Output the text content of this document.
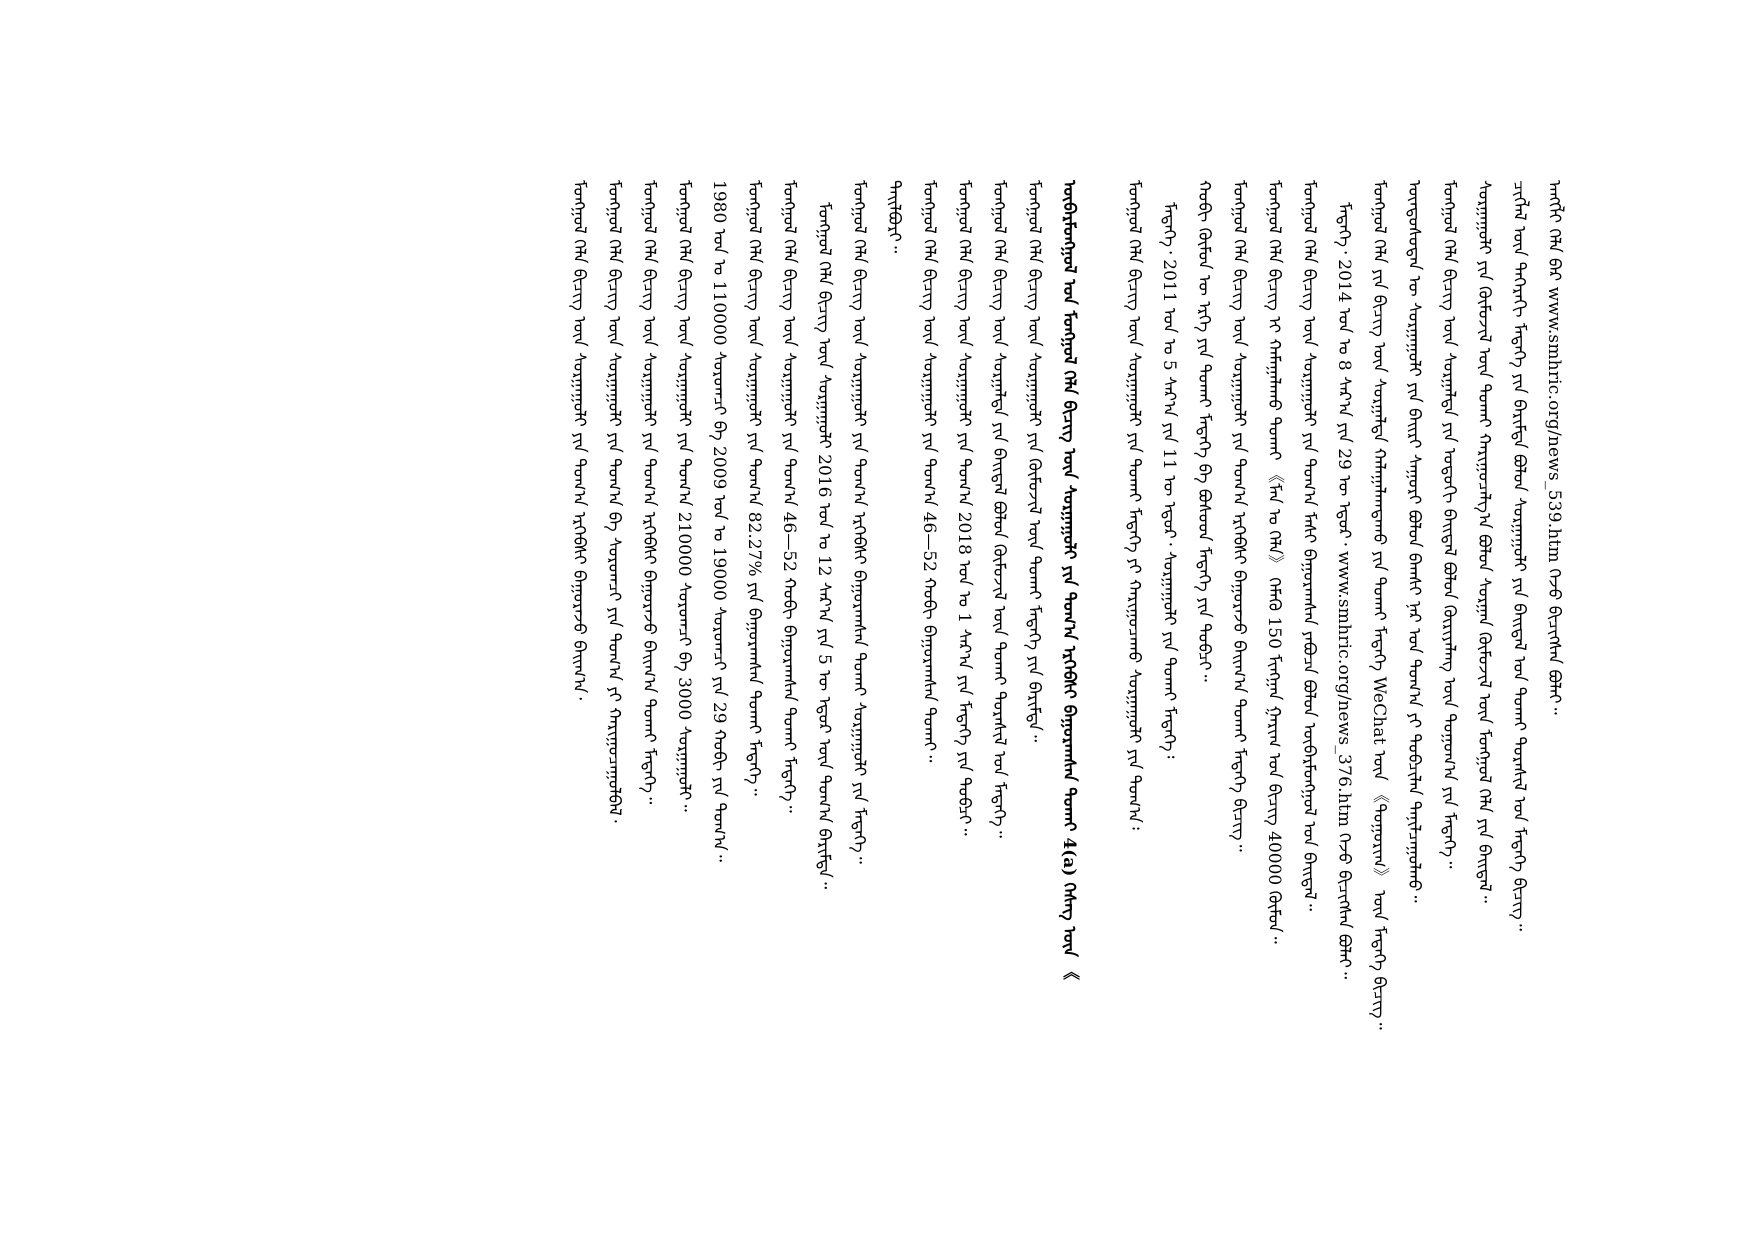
ᠠᠩᠭᠯᠢ ᠬᠡᠯᠡ ᠪᠡᠷ www.smhric.org/news_539.htm ᠭᠡᠵᠦ ᠪᠢᠴᠢᠭᠰᠡᠨ ᠪᠣᠯᠠᠢ᠃
ᠴᠢᠭᠯᠡᠯ ᠦᠨ ᠳᠡᠭᠡᠷᠡᠬᠢ ᠮᠡᠳᠡᠭᠡ ᠶᠢᠨ ᠪᠠᠷᠢᠮᠲᠠ ᠪᠣᠯᠤᠨ ᠰᠤᠷᠭᠠᠭᠤᠯᠢ ᠶᠢᠨ ᠪᠠᠢᠳᠠᠯ ᠤᠨ ᠲᠤᠬᠠᠢ ᠳᠤᠷᠠᠰᠢᠯ ᠤᠨ ᠮᠡᠳᠡᠭᠡ ᠪᠢᠴᠢᠭ᠃
ᠰᠤᠷᠭᠠᠭᠤᠯᠢ ᠶᠢᠨ ᠬᠦᠮᠦᠵᠢᠯ ᠦᠨ ᠲᠤᠬᠠᠢ ᠬᠠᠷᠢᠭᠤᠴᠠᠯᠭ᠎ᠠ ᠪᠤᠯᠤᠨ ᠰᠤᠷᠭᠠᠨ ᠬᠦᠮᠦᠵᠢᠯ ᠦᠨ ᠮᠣᠩᠭᠣᠯ ᠬᠡᠯᠡ ᠶᠢᠨ ᠪᠠᠢᠳᠠᠯ᠃
ᠮᠣᠩᠭᠣᠯ ᠬᠡᠯᠡ ᠪᠢᠴᠢᠭ ᠦᠨ ᠰᠤᠷᠭᠠᠯᠲᠠ ᠶᠢᠨ ᠤᠳᠤᠬᠢ ᠪᠠᠢᠳᠠᠯ ᠪᠤᠯᠤᠨ ᠬᠦᠷᠢᠶᠡᠯᠡᠩ ᠦᠨ ᠲᠤᠭᠤᠭ᠎ᠠ ᠶᠢᠨ ᠮᠡᠳᠡᠭᠡ᠃
ᠦᠨᠳᠦᠰᠦᠲᠡᠨ ᠦ ᠰᠤᠷᠭᠠᠭᠤᠯᠢ ᠶᠢᠨ ᠪᠠᠢᠷᠢ ᠰᠠᠭᠤᠷᠢ ᠪᠤᠯᠤᠨ ᠪᠠᠭᠰᠢ ᠨᠠᠷ ᠤᠨ ᠲᠣᠭ᠎ᠠ ᠶᠢ ᠲᠣᠪᠴᠢᠯᠠᠨ ᠲᠠᠨᠢᠯᠴᠠᠭᠤᠯᠬᠤ᠃
ᠮᠣᠩᠭᠣᠯ ᠬᠡᠯᠡ ᠶᠢᠨ ᠪᠢᠴᠢᠭ ᠦᠨ ᠰᠤᠷᠭᠠᠯᠲᠠ ᠬᠠᠯᠠᠭᠠᠯᠠᠭᠳᠠᠬᠤ ᠶᠢᠨ ᠲᠤᠬᠠᠢ ᠮᠡᠳᠡᠭᠡ WeChat ᠦᠨ 《ᠲᠣᠭᠤᠷᠢᠭ》 ᠦᠨ ᠮᠡᠳᠡᠭᠡ ᠪᠢᠴᠢᠭ᠃
ᠮᠡᠳᠡᠭᠡ᠂ 2014 ᠣᠨ ᠤ 8 ᠰᠠᠷ᠎ᠠ ᠶᠢᠨ 29 ᠦ ᠡᠳᠦᠷ᠂ www.smhric.org/news_376.htm ᠭᠡᠵᠦ ᠪᠢᠴᠢᠭᠰᠡᠨ ᠪᠣᠯᠠᠢ᠃
ᠮᠣᠩᠭᠣᠯ ᠬᠡᠯᠡ ᠪᠢᠴᠢᠭ ᠦᠨ ᠰᠤᠷᠭᠠᠭᠤᠯᠢ ᠶᠢᠨ ᠲᠣᠭ᠎ᠠ ᠮᠠᠰᠢ ᠪᠠᠭᠤᠷᠠᠭᠰᠠᠨ ᠶᠠᠪᠤᠴᠠ ᠪᠤᠯᠤᠨ ᠦᠪᠡᠷᠮᠣᠩᠭᠣᠯ ᠤᠨ ᠪᠠᠢᠳᠠᠯ᠃
ᠮᠣᠩᠭᠣᠯ ᠬᠡᠯᠡ ᠪᠢᠴᠢᠭ ᠢ ᠬᠠᠮᠠᠭᠠᠯᠠᠬᠤ ᠲᠤᠬᠠᠢ 《ᠮᠠᠨ ᠤ ᠬᠡᠯᠡ》 ᠬᠡᠮᠡᠬᠦ 150 ᠮᠢᠩᠭᠠᠨ ᠭᠠᠷᠢᠭ ᠤᠨ ᠪᠢᠴᠢᠭ 40000 ᠬᠦᠮᠦᠨ᠃
ᠮᠣᠩᠭᠣᠯ ᠬᠡᠯᠡ ᠪᠢᠴᠢᠭ ᠦᠨ ᠰᠤᠷᠭᠠᠭᠤᠯᠢ ᠶᠢᠨ ᠲᠣᠭ᠎ᠠ ᠡᠷᠬᠡᠪᠰᠢ ᠪᠠᠭᠤᠷᠠᠵᠤ ᠪᠠᠢᠭ᠎ᠠ ᠲᠤᠬᠠᠢ ᠮᠡᠳᠡᠭᠡ ᠪᠢᠴᠢᠭ᠃
ᠬᠤᠪᠢ ᠬᠦᠮᠦᠨ ᠦ ᠡᠷᠬᠡ ᠶᠢᠨ ᠲᠤᠬᠠᠢ ᠮᠡᠳᠡᠭᠡ ᠪᠠ ᠪᠤᠰᠤᠳ ᠮᠡᠳᠡᠭᠡ ᠶᠢᠨ ᠲᠣᠪᠴᠢ᠃
ᠮᠡᠳᠡᠭᠡ᠂ 2011 ᠣᠨ ᠤ 5 ᠰᠠᠷ᠎ᠠ ᠶᠢᠨ 11 ᠦ ᠡᠳᠦᠷ᠂ ᠰᠤᠷᠭᠠᠭᠤᠯᠢ ᠶᠢᠨ ᠲᠤᠬᠠᠢ ᠮᠡᠳᠡᠭᠡ᠄
ᠮᠣᠩᠭᠣᠯ ᠬᠡᠯᠡ ᠪᠢᠴᠢᠭ ᠦᠨ ᠰᠤᠷᠭᠠᠭᠤᠯᠢ ᠶᠢᠨ ᠲᠤᠬᠠᠢ ᠮᠡᠳᠡᠭᠡ ᠶᠢ ᠬᠠᠷᠢᠭᠤᠴᠠᠬᠤ ᠰᠤᠷᠭᠠᠭᠤᠯᠢ ᠶᠢᠨ ᠲᠣᠭ᠎ᠠ᠄
ᠦᠪᠡᠷᠮᠣᠩᠭᠣᠯ ᠤᠨ ᠮᠣᠩᠭᠣᠯ ᠬᠡᠯᠡ ᠪᠢᠴᠢᠭ ᠦᠨ ᠰᠤᠷᠭᠠᠭᠤᠯᠢ ᠶᠢᠨ ᠲᠣᠭ᠎ᠠ ᠡᠷᠬᠡᠪᠰᠢ ᠪᠠᠭᠤᠷᠠᠭᠰᠠᠨ ᠲᠤᠬᠠᠢ 4(a) ᠬᠡᠰᠡᠭ ᠦᠨ 《
ᠮᠣᠩᠭᠣᠯ ᠬᠡᠯᠡ ᠪᠢᠴᠢᠭ ᠦᠨ ᠰᠤᠷᠭᠠᠭᠤᠯᠢ ᠶᠢᠨ ᠬᠦᠮᠦᠵᠢᠯ ᠦᠨ ᠲᠤᠬᠠᠢ ᠮᠡᠳᠡᠭᠡ ᠶᠢᠨ ᠪᠠᠷᠢᠮᠲᠠ᠃
ᠮᠣᠩᠭᠣᠯ ᠬᠡᠯᠡ ᠪᠢᠴᠢᠭ ᠦᠨ ᠰᠤᠷᠭᠠᠯᠲᠠ ᠶᠢᠨ ᠪᠠᠢᠳᠠᠯ ᠪᠤᠯᠤᠨ ᠬᠦᠮᠦᠵᠢᠯ ᠦᠨ ᠲᠤᠬᠠᠢ ᠳᠤᠷᠠᠰᠢᠯ ᠤᠨ ᠮᠡᠳᠡᠭᠡ᠃
ᠮᠣᠩᠭᠣᠯ ᠬᠡᠯᠡ ᠪᠢᠴᠢᠭ ᠦᠨ ᠰᠤᠷᠭᠠᠭᠤᠯᠢ ᠶᠢᠨ ᠲᠣᠭ᠎ᠠ 2018 ᠣᠨ ᠤ 1 ᠰᠠᠷ᠎ᠠ ᠶᠢᠨ ᠮᠡᠳᠡᠭᠡ ᠶᠢᠨ ᠲᠣᠪᠴᠢ᠃
ᠮᠣᠩᠭᠣᠯ ᠬᠡᠯᠡ ᠪᠢᠴᠢᠭ ᠦᠨ ᠰᠤᠷᠭᠠᠭᠤᠯᠢ ᠶᠢᠨ ᠲᠣᠭ᠎ᠠ 46—52 ᠬᠤᠪᠢ ᠪᠠᠭᠤᠷᠠᠭᠰᠠᠨ ᠲᠤᠬᠠᠢ᠃
ᠲᠠᠢᠯᠪᠤᠷᠢ᠃
ᠮᠣᠩᠭᠣᠯ ᠬᠡᠯᠡ ᠪᠢᠴᠢᠭ ᠦᠨ ᠰᠤᠷᠭᠠᠭᠤᠯᠢ ᠶᠢᠨ ᠲᠣᠭ᠎ᠠ ᠡᠷᠬᠡᠪᠰᠢ ᠪᠠᠭᠤᠷᠠᠭᠰᠠᠨ ᠲᠤᠬᠠᠢ ᠰᠤᠷᠭᠠᠭᠤᠯᠢ ᠶᠢᠨ ᠮᠡᠳᠡᠭᠡ᠃
ᠮᠣᠩᠭᠣᠯ ᠬᠡᠯᠡ ᠪᠢᠴᠢᠭ ᠦᠨ ᠰᠤᠷᠭᠠᠭᠤᠯᠢ 2016 ᠣᠨ ᠤ 12 ᠰᠠᠷ᠎ᠠ ᠶᠢᠨ 5 ᠦ ᠡᠳᠦᠷ ᠦᠨ ᠲᠣᠭ᠎ᠠ ᠪᠠᠷᠢᠮᠲᠠ᠃
ᠮᠣᠩᠭᠣᠯ ᠬᠡᠯᠡ ᠪᠢᠴᠢᠭ ᠦᠨ ᠰᠤᠷᠭᠠᠭᠤᠯᠢ ᠶᠢᠨ ᠲᠣᠭ᠎ᠠ 46—52 ᠬᠤᠪᠢ ᠪᠠᠭᠤᠷᠠᠭᠰᠠᠨ ᠲᠤᠬᠠᠢ ᠮᠡᠳᠡᠭᠡ᠃
ᠮᠣᠩᠭᠣᠯ ᠬᠡᠯᠡ ᠪᠢᠴᠢᠭ ᠦᠨ ᠰᠤᠷᠭᠠᠭᠤᠯᠢ ᠶᠢᠨ ᠲᠣᠭ᠎ᠠ 82.27% ᠶᠢᠨ ᠪᠠᠭᠤᠷᠠᠭᠰᠠᠨ ᠲᠤᠬᠠᠢ ᠮᠡᠳᠡᠭᠡ᠃
1980 ᠣᠨ ᠤ 110000 ᠰᠤᠷᠤᠭᠴᠢ ᠪᠠ 2009 ᠣᠨ ᠤ 19000 ᠰᠤᠷᠤᠭᠴᠢ ᠶᠢᠨ 29 ᠬᠤᠪᠢ ᠶᠢᠨ ᠲᠣᠭ᠎ᠠ᠃
ᠮᠣᠩᠭᠣᠯ ᠬᠡᠯᠡ ᠪᠢᠴᠢᠭ ᠦᠨ ᠰᠤᠷᠭᠠᠭᠤᠯᠢ ᠶᠢᠨ ᠲᠣᠭ᠎ᠠ 210000 ᠰᠤᠷᠤᠭᠴᠢ ᠪᠠ 3000 ᠰᠤᠷᠭᠠᠭᠤᠯᠢ᠃
ᠮᠣᠩᠭᠣᠯ ᠬᠡᠯᠡ ᠪᠢᠴᠢᠭ ᠦᠨ ᠰᠤᠷᠭᠠᠭᠤᠯᠢ ᠶᠢᠨ ᠲᠣᠭ᠎ᠠ ᠡᠷᠬᠡᠪᠰᠢ ᠪᠠᠭᠤᠷᠠᠵᠤ ᠪᠠᠢᠭ᠎ᠠ ᠲᠤᠬᠠᠢ ᠮᠡᠳᠡᠭᠡ᠃
ᠮᠣᠩᠭᠣᠯ ᠬᠡᠯᠡ ᠪᠢᠴᠢᠭ ᠦᠨ ᠰᠤᠷᠭᠠᠭᠤᠯᠢ ᠶᠢᠨ ᠲᠣᠭ᠎ᠠ ᠪᠠ ᠰᠤᠷᠤᠭᠴᠢ ᠶᠢᠨ ᠲᠣᠭ᠎ᠠ ᠶᠢ ᠬᠠᠷᠢᠭᠤᠴᠠᠭᠤᠯᠪᠠᠯ᠂
ᠮᠣᠩᠭᠣᠯ ᠬᠡᠯᠡ ᠪᠢᠴᠢᠭ ᠦᠨ ᠰᠤᠷᠭᠠᠭᠤᠯᠢ ᠶᠢᠨ ᠲᠣᠭ᠎ᠠ ᠡᠷᠬᠡᠪᠰᠢ ᠪᠠᠭᠤᠷᠠᠵᠤ ᠪᠠᠢᠭ᠎ᠠ᠂
